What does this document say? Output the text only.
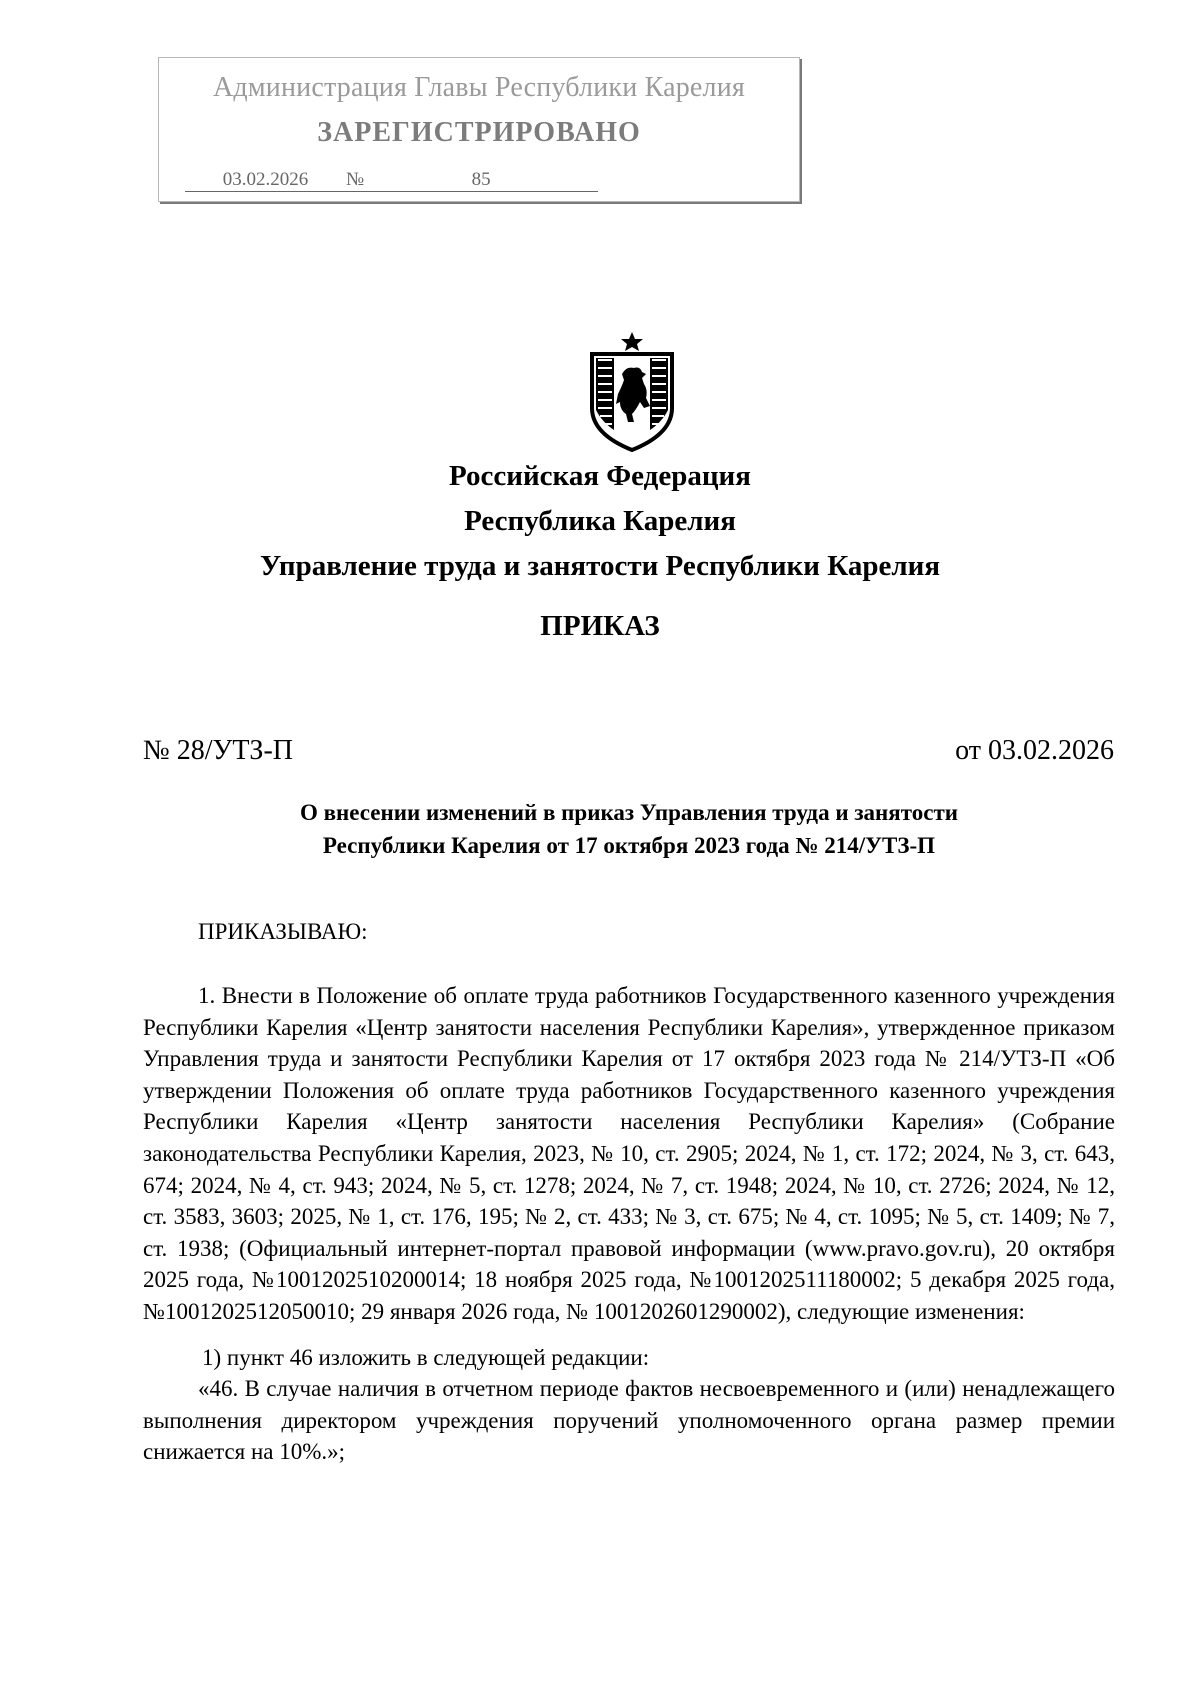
Администрация Главы Республики Карелия
ЗАРЕГИСТРИРОВАНО
03.02.2026 №	85
Российская Федерация
Республика Карелия
Управление труда и занятости Республики Карелия
ПРИКАЗ
№ 28/УТЗ-П	от 03.02.2026
О внесении изменений в приказ Управления труда и занятости
Республики Карелия от 17 октября 2023 года № 214/УТЗ-П
ПРИКАЗЫВАЮ:

1. Внести в Положение об оплате труда работников Государственного казенного учреждения Республики Карелия «Центр занятости населения Республики Карелия», утвержденное приказом Управления труда и занятости Республики Карелия от 17 октября 2023 года № 214/УТЗ-П «Об утверждении Положения об оплате труда работников Государственного казенного учреждения Республики Карелия «Центр занятости населения Республики Карелия» (Собрание законодательства Республики Карелия, 2023, № 10, ст. 2905; 2024, № 1, ст. 172; 2024, № 3, ст. 643, 674; 2024, № 4, ст. 943; 2024, № 5, ст. 1278; 2024, № 7, ст. 1948; 2024, № 10, ст. 2726; 2024, № 12, ст. 3583, 3603; 2025, № 1, ст. 176, 195; № 2, ст. 433; № 3, ст. 675; № 4, ст. 1095; № 5, ст. 1409; № 7, ст. 1938; (Официальный интернет-портал правовой информации (www.pravo.gov.ru), 20 октября 2025 года, №1001202510200014; 18 ноября 2025 года, №1001202511180002; 5 декабря 2025 года, №1001202512050010; 29 января 2026 года, № 1001202601290002), следующие изменения:

1) пункт 46 изложить в следующей редакции:

«46. В случае наличия в отчетном периоде фактов несвоевременного и (или) ненадлежащего выполнения директором учреждения поручений уполномоченного органа размер премии снижается на 10%.»;
